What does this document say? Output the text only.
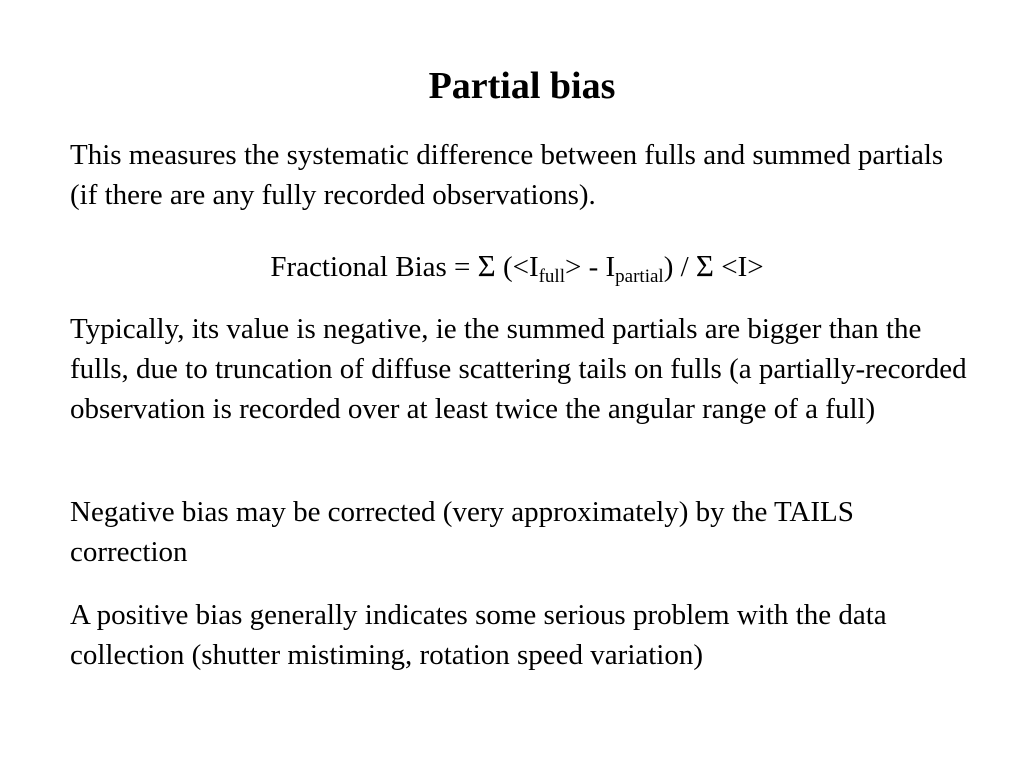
Partial bias

This measures the systematic difference between fulls and summed partials (if there are any fully recorded observations).

Fractional Bias = Σ $(<I_{full}> - I_{partial}) / \Sigma <I>$

Typically, its value is negative, ie the summed partials are bigger than the fulls, due to truncation of diffuse scattering tails on fulls (a partially-recorded observation is recorded over at least twice the angular range of a full)

Negative bias may be corrected (very approximately) by the TAILS correction

A positive bias generally indicates some serious problem with the data collection (shutter mistiming, rotation speed variation)
